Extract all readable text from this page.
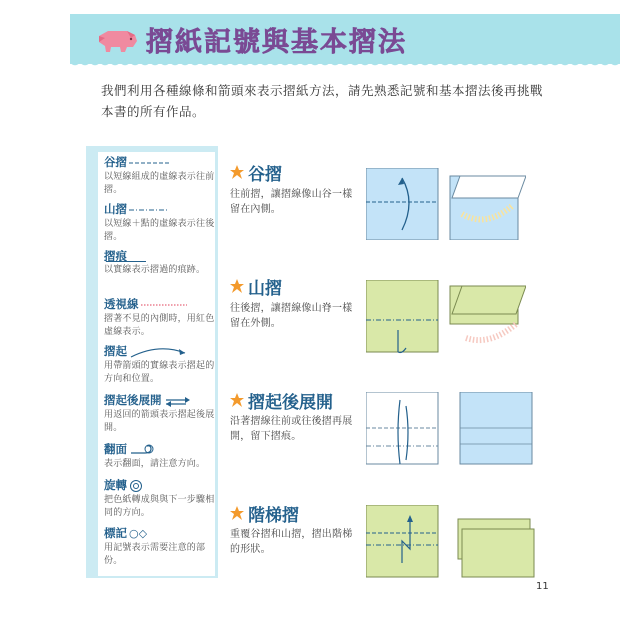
摺紙記號與基本摺法
我們利用各種線條和箭頭來表示摺紙方法，請先熟悉記號和基本摺法後再挑戰本書的所有作品。
谷摺
以短線組成的虛線表示往前摺。
山摺
以短線＋點的虛線表示往後摺。
摺痕
以實線表示摺過的痕跡。
透視線
摺著不見的內側時，用紅色虛線表示。
摺起
用帶箭頭的實線表示摺起的方向和位置。
摺起後展開
用返回的箭頭表示摺起後展開。
翻面
表示翻面，請注意方向。
旋轉
把色紙轉成與與下一步驟相同的方向。
標記 ○◇
用記號表示需要注意的部份。
谷摺
往前摺，讓摺線像山谷一樣留在內側。
山摺
往後摺，讓摺線像山脊一樣留在外側。
摺起後展開
沿著摺線往前或往後摺再展開，留下摺痕。
階梯摺
重覆谷摺和山摺，摺出階梯的形狀。
11
